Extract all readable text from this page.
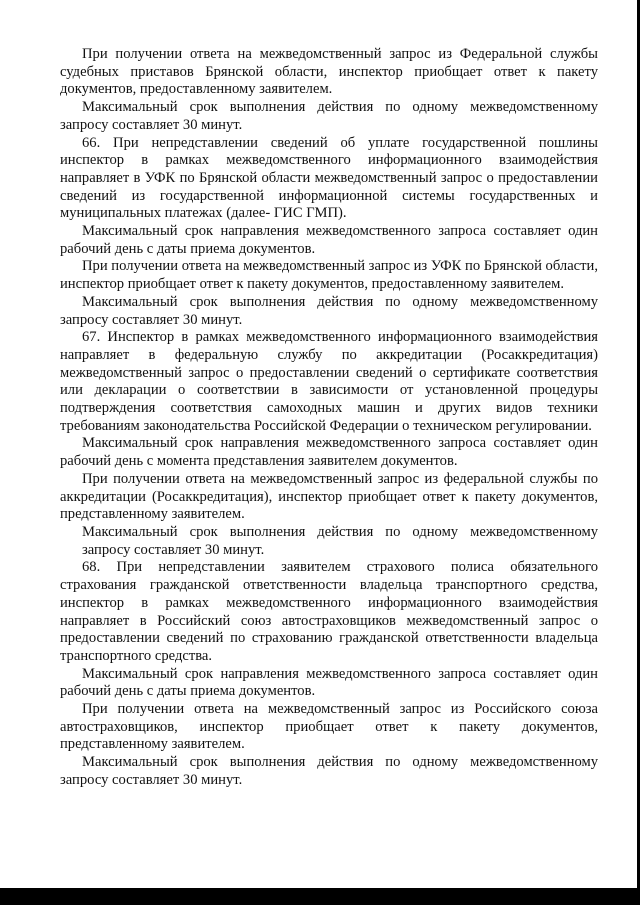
При получении ответа на межведомственный запрос из Федеральной службы судебных приставов Брянской области, инспектор приобщает ответ к пакету документов, предоставленному заявителем.

Максимальный срок выполнения действия по одному межведомственному запросу составляет 30 минут.

66. При непредставлении сведений об уплате государственной пошлины инспектор в рамках межведомственного информационного взаимодействия направляет в УФК по Брянской области межведомственный запрос о предоставлении сведений из государственной информационной системы государственных и муниципальных платежах (далее- ГИС ГМП).

Максимальный срок направления межведомственного запроса составляет один рабочий день с даты приема документов.

При получении ответа на межведомственный запрос из УФК по Брянской области, инспектор приобщает ответ к пакету документов, предоставленному заявителем.

Максимальный срок выполнения действия по одному межведомственному запросу составляет 30 минут.

67. Инспектор в рамках межведомственного информационного взаимодействия направляет в федеральную службу по аккредитации (Росаккредитация) межведомственный запрос о предоставлении сведений о сертификате соответствия или декларации о соответствии в зависимости от установленной процедуры подтверждения соответствия самоходных машин и других видов техники требованиям законодательства Российской Федерации о техническом регулировании.

Максимальный срок направления межведомственного запроса составляет один рабочий день с момента представления заявителем документов.

При получении ответа на межведомственный запрос из федеральной службы по аккредитации (Росаккредитация), инспектор приобщает ответ к пакету документов, представленному заявителем.

Максимальный срок выполнения действия по одному межведомственному запросу составляет 30 минут.

68. При непредставлении заявителем страхового полиса обязательного страхования гражданской ответственности владельца транспортного средства, инспектор в рамках межведомственного информационного взаимодействия направляет в Российский союз автостраховщиков межведомственный запрос о предоставлении сведений по страхованию гражданской ответственности владельца транспортного средства.

Максимальный срок направления межведомственного запроса составляет один рабочий день с даты приема документов.

При получении ответа на межведомственный запрос из Российского союза автостраховщиков, инспектор приобщает ответ к пакету документов, представленному заявителем.

Максимальный срок выполнения действия по одному межведомственному запросу составляет 30 минут.
